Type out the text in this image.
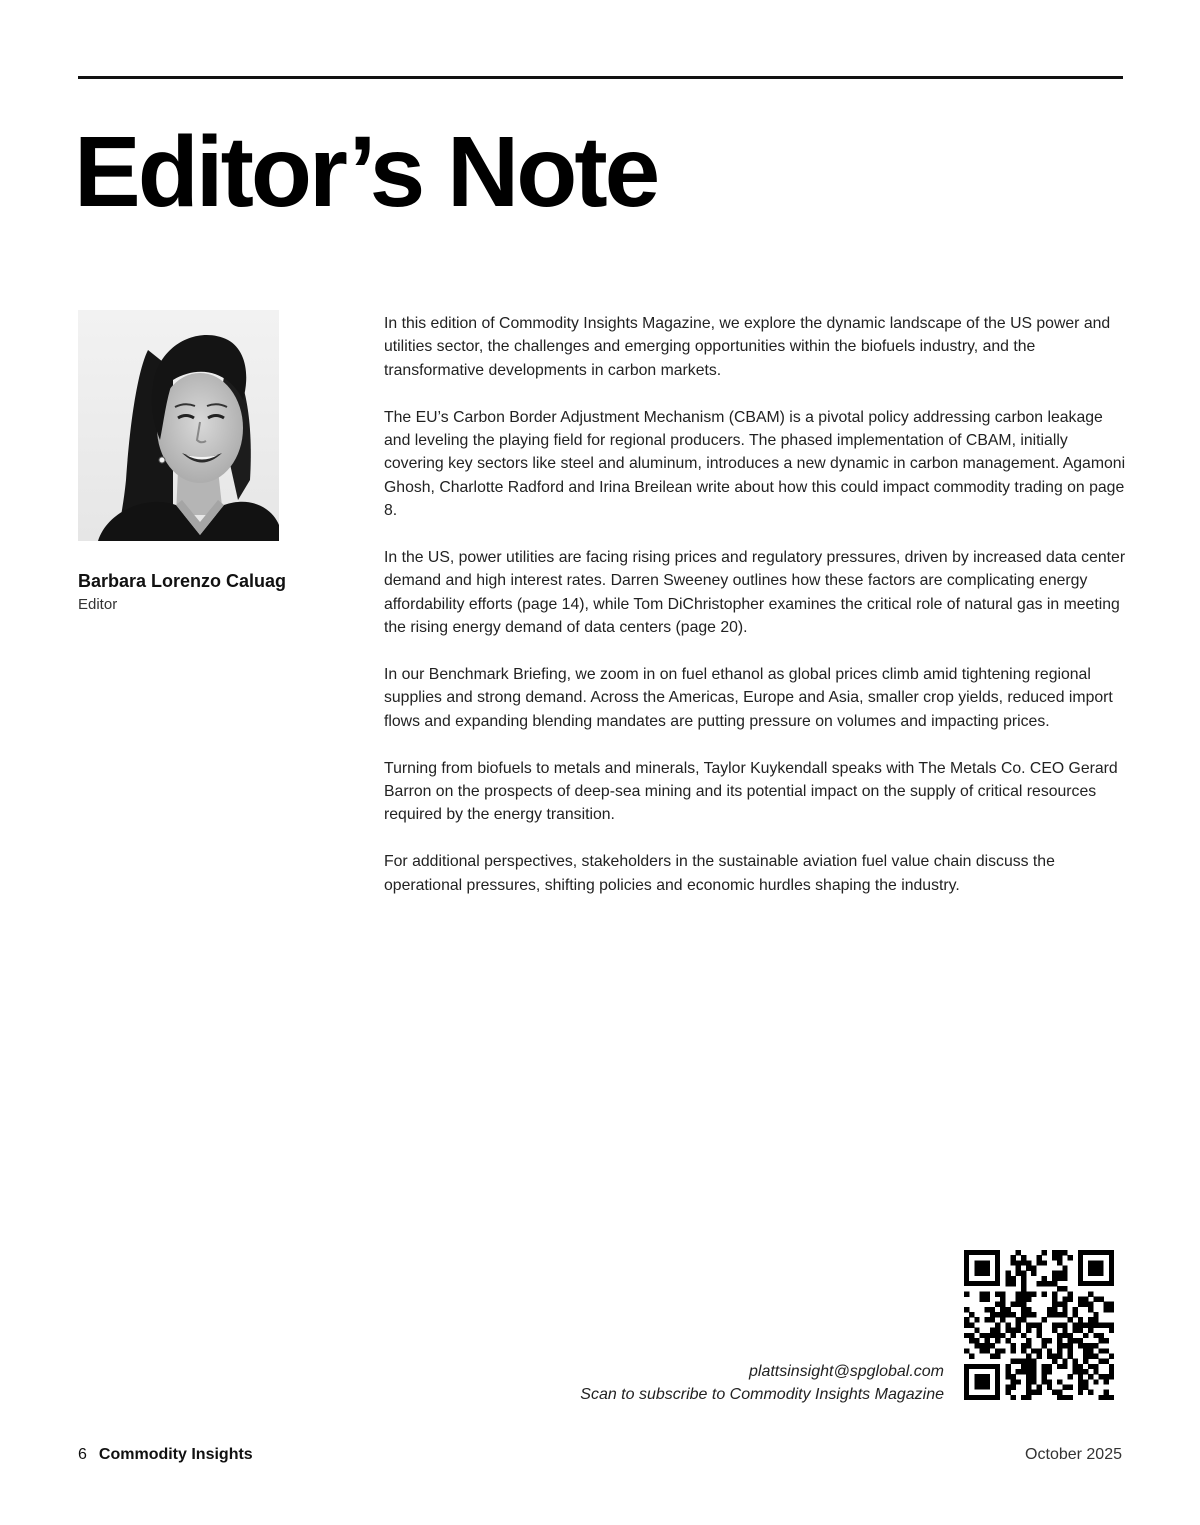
Editor’s Note
Barbara Lorenzo Caluag
Editor

In this edition of Commodity Insights Magazine, we explore the dynamic landscape of the US power and utilities sector, the challenges and emerging opportunities within the biofuels industry, and the transformative developments in carbon markets.

The EU’s Carbon Border Adjustment Mechanism (CBAM) is a pivotal policy addressing carbon leakage and leveling the playing field for regional producers. The phased implementation of CBAM, initially covering key sectors like steel and aluminum, introduces a new dynamic in carbon management. Agamoni Ghosh, Charlotte Radford and Irina Breilean write about how this could impact commodity trading on page 8.

In the US, power utilities are facing rising prices and regulatory pressures, driven by increased data center demand and high interest rates. Darren Sweeney outlines how these factors are complicating energy affordability efforts (page 14), while Tom DiChristopher examines the critical role of natural gas in meeting the rising energy demand of data centers (page 20).

In our Benchmark Briefing, we zoom in on fuel ethanol as global prices climb amid tightening regional supplies and strong demand. Across the Americas, Europe and Asia, smaller crop yields, reduced import flows and expanding blending mandates are putting pressure on volumes and impacting prices.

Turning from biofuels to metals and minerals, Taylor Kuykendall speaks with The Metals Co. CEO Gerard Barron on the prospects of deep-sea mining and its potential impact on the supply of critical resources required by the energy transition.

For additional perspectives, stakeholders in the sustainable aviation fuel value chain discuss the operational pressures, shifting policies and economic hurdles shaping the industry.

plattsinsight@spglobal.com
Scan to subscribe to Commodity Insights Magazine
6 Commodity Insights	October 2025
